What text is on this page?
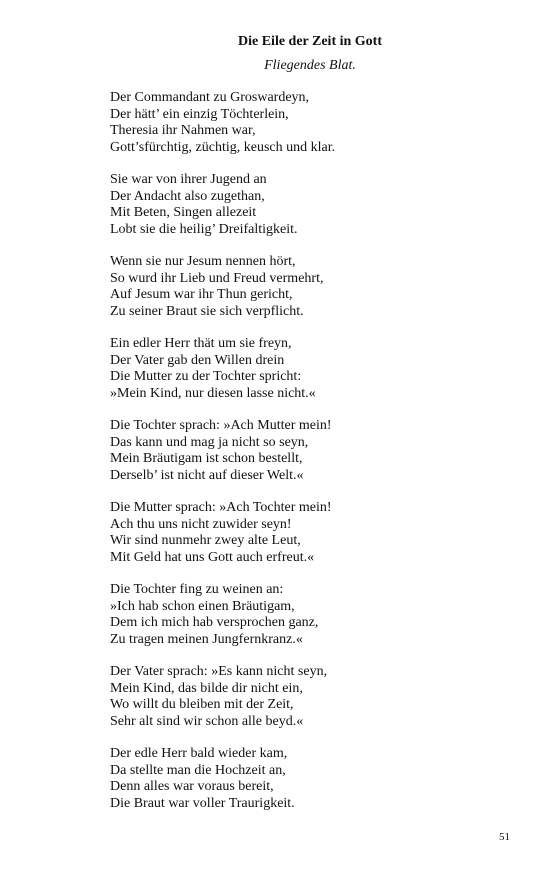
Die Eile der Zeit in Gott

Fliegendes Blat.

Der Commandant zu Groswardeyn,
Der hätt’ ein einzig Töchterlein,
Theresia ihr Nahmen war,
Gott’sfürchtig, züchtig, keusch und klar.
Sie war von ihrer Jugend an
Der Andacht also zugethan,
Mit Beten, Singen allezeit
Lobt sie die heilig’ Dreifaltigkeit.
Wenn sie nur Jesum nennen hört,
So wurd ihr Lieb und Freud vermehrt,
Auf Jesum war ihr Thun gericht,
Zu seiner Braut sie sich verpflicht.
Ein edler Herr thät um sie freyn,
Der Vater gab den Willen drein
Die Mutter zu der Tochter spricht:
»Mein Kind, nur diesen lasse nicht.«
Die Tochter sprach: »Ach Mutter mein!
Das kann und mag ja nicht so seyn,
Mein Bräutigam ist schon bestellt,
Derselb’ ist nicht auf dieser Welt.«
Die Mutter sprach: »Ach Tochter mein!
Ach thu uns nicht zuwider seyn!
Wir sind nunmehr zwey alte Leut,
Mit Geld hat uns Gott auch erfreut.«
Die Tochter fing zu weinen an:
»Ich hab schon einen Bräutigam,
Dem ich mich hab versprochen ganz,
Zu tragen meinen Jungfernkranz.«
Der Vater sprach: »Es kann nicht seyn,
Mein Kind, das bilde dir nicht ein,
Wo willt du bleiben mit der Zeit,
Sehr alt sind wir schon alle beyd.«
Der edle Herr bald wieder kam,
Da stellte man die Hochzeit an,
Denn alles war voraus bereit,
Die Braut war voller Traurigkeit.
51
